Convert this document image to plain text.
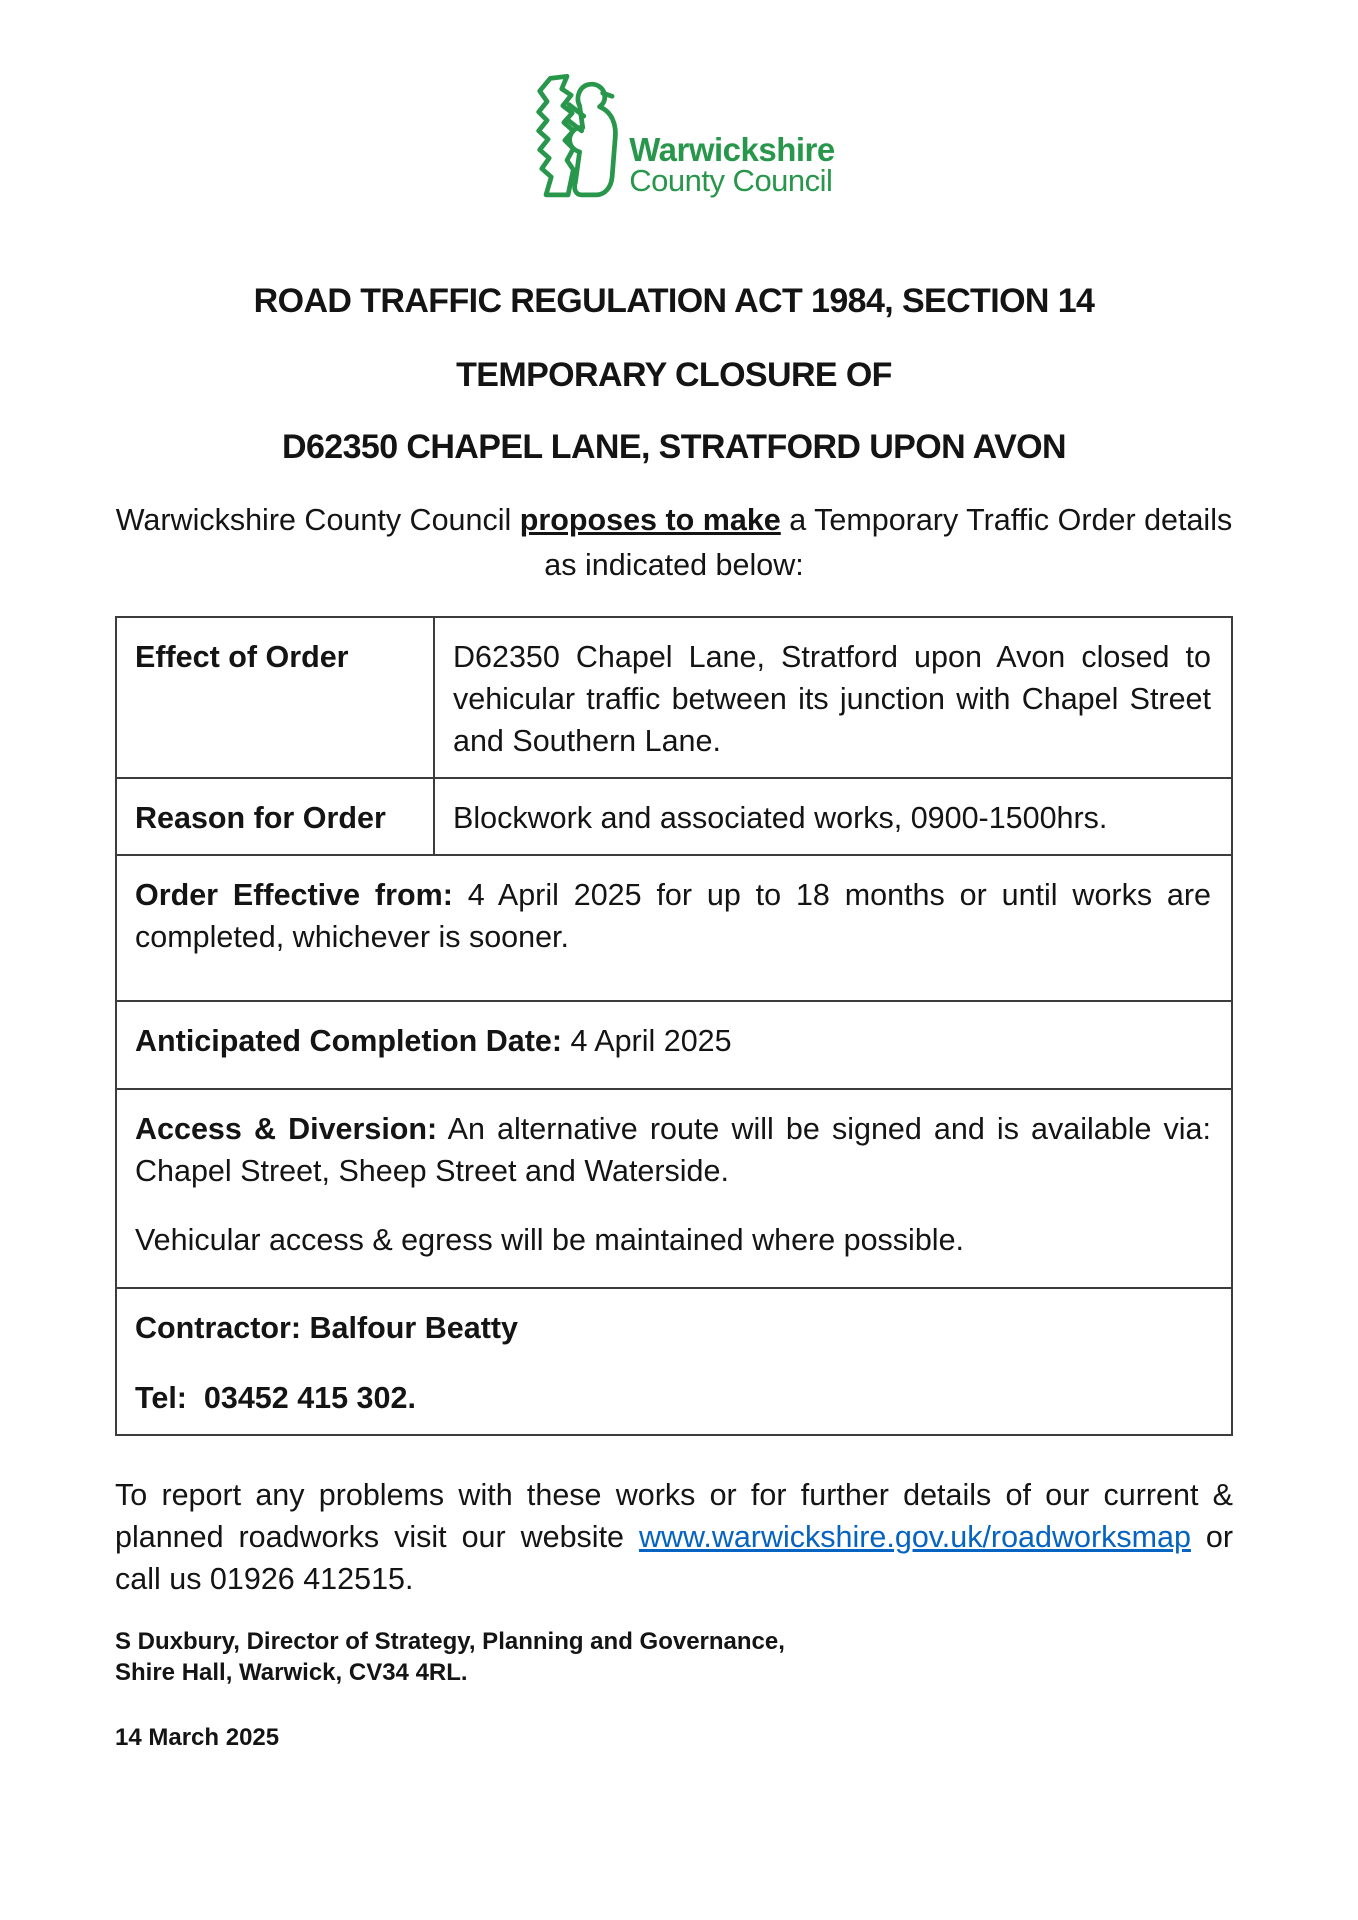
Warwickshire
County Council
ROAD TRAFFIC REGULATION ACT 1984, SECTION 14
TEMPORARY CLOSURE OF
D62350 CHAPEL LANE, STRATFORD UPON AVON
Warwickshire County Council proposes to make a Temporary Traffic Order details as indicated below:
Effect of Order	D62350 Chapel Lane, Stratford upon Avon closed to vehicular traffic between its junction with Chapel Street and Southern Lane.
Reason for Order	Blockwork and associated works, 0900-1500hrs.
Order Effective from: 4 April 2025 for up to 18 months or until works are completed, whichever is sooner.	
Anticipated Completion Date: 4 April 2025	
Access & Diversion: An alternative route will be signed and is available via: Chapel Street, Sheep Street and Waterside.

Vehicular access & egress will be maintained where possible.	

Contractor: Balfour Beatty

Tel:  03452 415 302.	

To report any problems with these works or for further details of our current & planned roadworks visit our website www.warwickshire.gov.uk/roadworksmap or call us 01926 412515.
S Duxbury, Director of Strategy, Planning and Governance,
Shire Hall, Warwick, CV34 4RL.
14 March 2025
